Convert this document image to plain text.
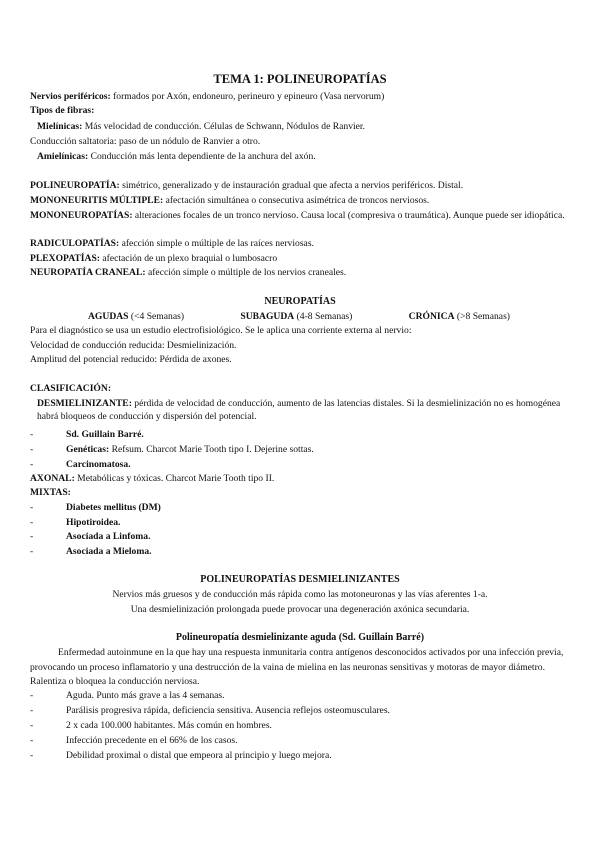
TEMA 1: POLINEUROPATÍAS
Nervios periféricos: formados por Axón, endoneuro, perineuro y epineuro (Vasa nervorum)
Tipos de fibras:
Mielínicas: Más velocidad de conducción. Células de Schwann, Nódulos de Ranvier.
Conducción saltatoria: paso de un nódulo de Ranvier a otro.
Amielínicas: Conducción más lenta dependiente de la anchura del axón.
POLINEUROPATÍA: simétrico, generalizado y de instauración gradual que afecta a nervios periféricos. Distal.
MONONEURITIS MÚLTIPLE: afectación simultánea o consecutiva asimétrica de troncos nerviosos.
MONONEUROPATÍAS: alteraciones focales de un tronco nervioso. Causa local (compresiva o traumática). Aunque puede ser idiopática.
RADICULOPATÍAS: afección simple o múltiple de las raíces nerviosas.
PLEXOPATÍAS: afectación de un plexo braquial o lumbosacro
NEUROPATÍA CRANEAL: afección simple o múltiple de los nervios craneales.
NEUROPATÍAS
AGUDAS (<4 Semanas)	SUBAGUDA (4-8 Semanas)	CRÓNICA (>8 Semanas)
Para el diagnóstico se usa un estudio electrofisiológico. Se le aplica una corriente externa al nervio:
Velocidad de conducción reducida: Desmielinización.
Amplitud del potencial reducido: Pérdida de axones.
CLASIFICACIÓN:
DESMIELINIZANTE: pérdida de velocidad de conducción, aumento de las latencias distales. Si la desmielinización no es homogénea habrá bloqueos de conducción y dispersión del potencial.
-	Sd. Guillain Barré.
-	Genéticas: Refsum. Charcot Marie Tooth tipo I. Dejerine sottas.
-	Carcinomatosa.
AXONAL: Metabólicas y tóxicas. Charcot Marie Tooth tipo II.
MIXTAS:
-	Diabetes mellitus (DM)
-	Hipotiroidea.
-	Asociada a Linfoma.
-	Asociada a Mieloma.
POLINEUROPATÍAS DESMIELINIZANTES
Nervios más gruesos y de conducción más rápida como las motoneuronas y las vías aferentes 1-a.
Una desmielinización prolongada puede provocar una degeneración axónica secundaria.
Polineuropatía desmielinizante aguda (Sd. Guillain Barré)
Enfermedad autoinmune en la que hay una respuesta inmunitaria contra antígenos desconocidos activados por una infección previa, provocando un proceso inflamatorio y una destrucción de la vaina de mielina en las neuronas sensitivas y motoras de mayor diámetro. Ralentiza o bloquea la conducción nerviosa.
-	Aguda. Punto más grave a las 4 semanas.
-	Parálisis progresiva rápida, deficiencia sensitiva. Ausencia reflejos osteomusculares.
-	2 x cada 100.000 habitantes. Más común en hombres.
-	Infección precedente en el 66% de los casos.
-	Debilidad proximal o distal que empeora al principio y luego mejora.
